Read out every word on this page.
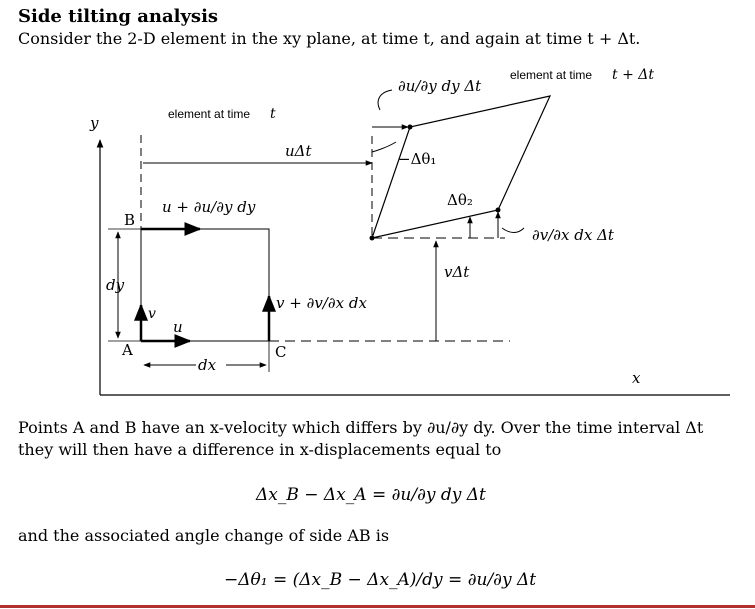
Side tilting analysis
Consider the 2-D element in the xy plane, at time t, and again at time t + Δt.
y
x
element at time t
uΔt
B
u + ∂u/∂y dy
dy
A
u
v
dx
C
v + ∂v/∂x dx
vΔt
∂u/∂y dy Δt
−Δθ₁
Δθ₂
∂v/∂x dx Δt
element at time t + Δt
Δx_B − Δx_A = ∂u/∂y dy Δt
−Δθ₁ = (Δx_B − Δx_A)/dy = ∂u/∂y Δt
Points A and B have an x-velocity which differs by ∂u/∂y dy. Over the time interval Δt they will then have a difference in x-displacements equal to
and the associated angle change of side AB is
